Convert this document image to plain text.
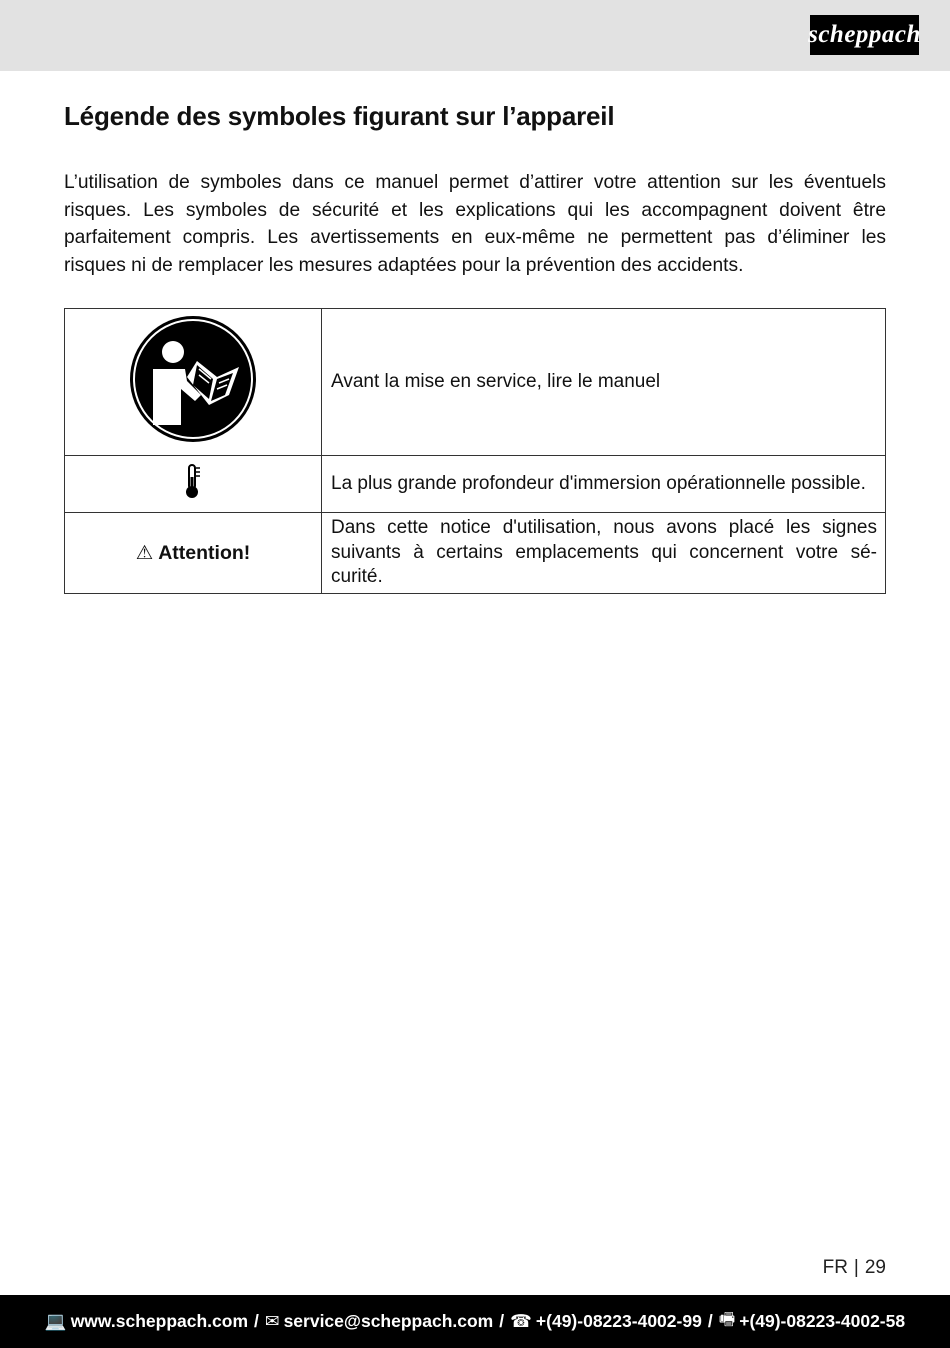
scheppach
Légende des symboles figurant sur l’appareil

L’utilisation de symboles dans ce manuel permet d’attirer votre attention sur les éventuels risques. Les symboles de sécurité et les explications qui les accompagnent doivent être parfaitement compris. Les avertissements en eux-même ne permettent pas d’éliminer les risques ni de remplacer les mesures adaptées pour la prévention des accidents.

	Avant la mise en service, lire le manuel
	La plus grande profondeur d'immersion opérationnelle possible.
⚠ Attention!	Dans cette notice d'utilisation, nous avons placé les signes suivants à certains emplacements qui concernent votre sé-curité.
FR | 29
💻 www.scheppach.com / ✉ service@scheppach.com / ☎ +(49)-08223-4002-99 / 🖷 +(49)-08223-4002-58
